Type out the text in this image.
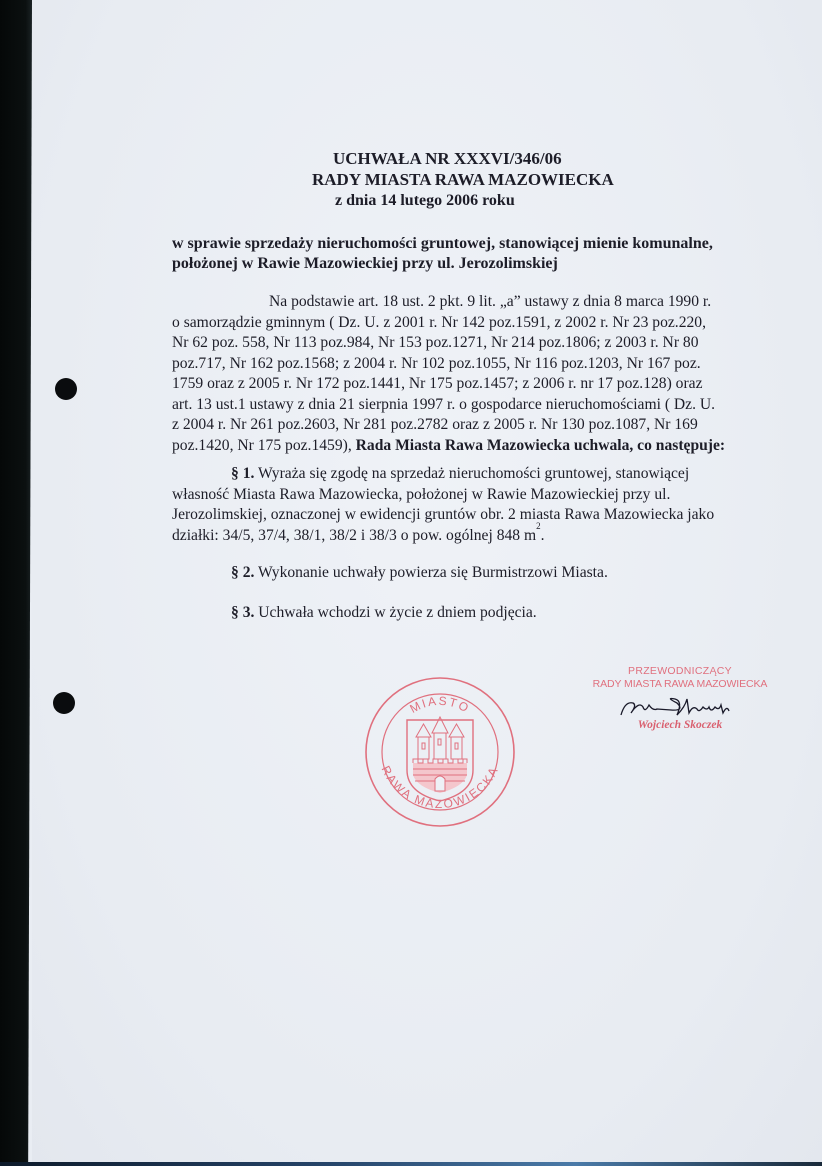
UCHWAŁA NR XXXVI/346/06
RADY MIASTA RAWA MAZOWIECKA
z dnia 14 lutego 2006 roku
w sprawie sprzedaży nieruchomości gruntowej, stanowiącej mienie komunalne,
położonej w Rawie Mazowieckiej przy ul. Jerozolimskiej
Na podstawie art. 18 ust. 2 pkt. 9 lit. „a” ustawy z dnia 8 marca 1990 r.
o samorządzie gminnym ( Dz. U. z 2001 r. Nr 142 poz.1591, z 2002 r. Nr 23 poz.220,
Nr 62 poz. 558, Nr 113 poz.984, Nr 153 poz.1271, Nr 214 poz.1806; z 2003 r. Nr 80
poz.717, Nr 162 poz.1568; z 2004 r. Nr 102 poz.1055, Nr 116 poz.1203, Nr 167 poz.
1759 oraz z 2005 r. Nr 172 poz.1441, Nr 175 poz.1457; z 2006 r. nr 17 poz.128) oraz
art. 13 ust.1 ustawy z dnia 21 sierpnia 1997 r. o gospodarce nieruchomościami ( Dz. U.
z 2004 r. Nr 261 poz.2603, Nr 281 poz.2782 oraz z 2005 r. Nr 130 poz.1087, Nr 169
poz.1420, Nr 175 poz.1459), Rada Miasta Rawa Mazowiecka uchwala, co następuje:
§ 1. Wyraża się zgodę na sprzedaż nieruchomości gruntowej, stanowiącej
własność Miasta Rawa Mazowiecka, położonej w Rawie Mazowieckiej przy ul.
Jerozolimskiej, oznaczonej w ewidencji gruntów obr. 2 miasta Rawa Mazowiecka jako
działki: 34/5, 37/4, 38/1, 38/2 i 38/3 o pow. ogólnej 848 m
2
.
§ 2. Wykonanie uchwały powierza się Burmistrzowi Miasta.
§ 3. Uchwała wchodzi w życie z dniem podjęcia.
MIASTO
RAWA MAZOWIECKA
PRZEWODNICZĄCY
RADY MIASTA RAWA MAZOWIECKA
Wojciech Skoczek
